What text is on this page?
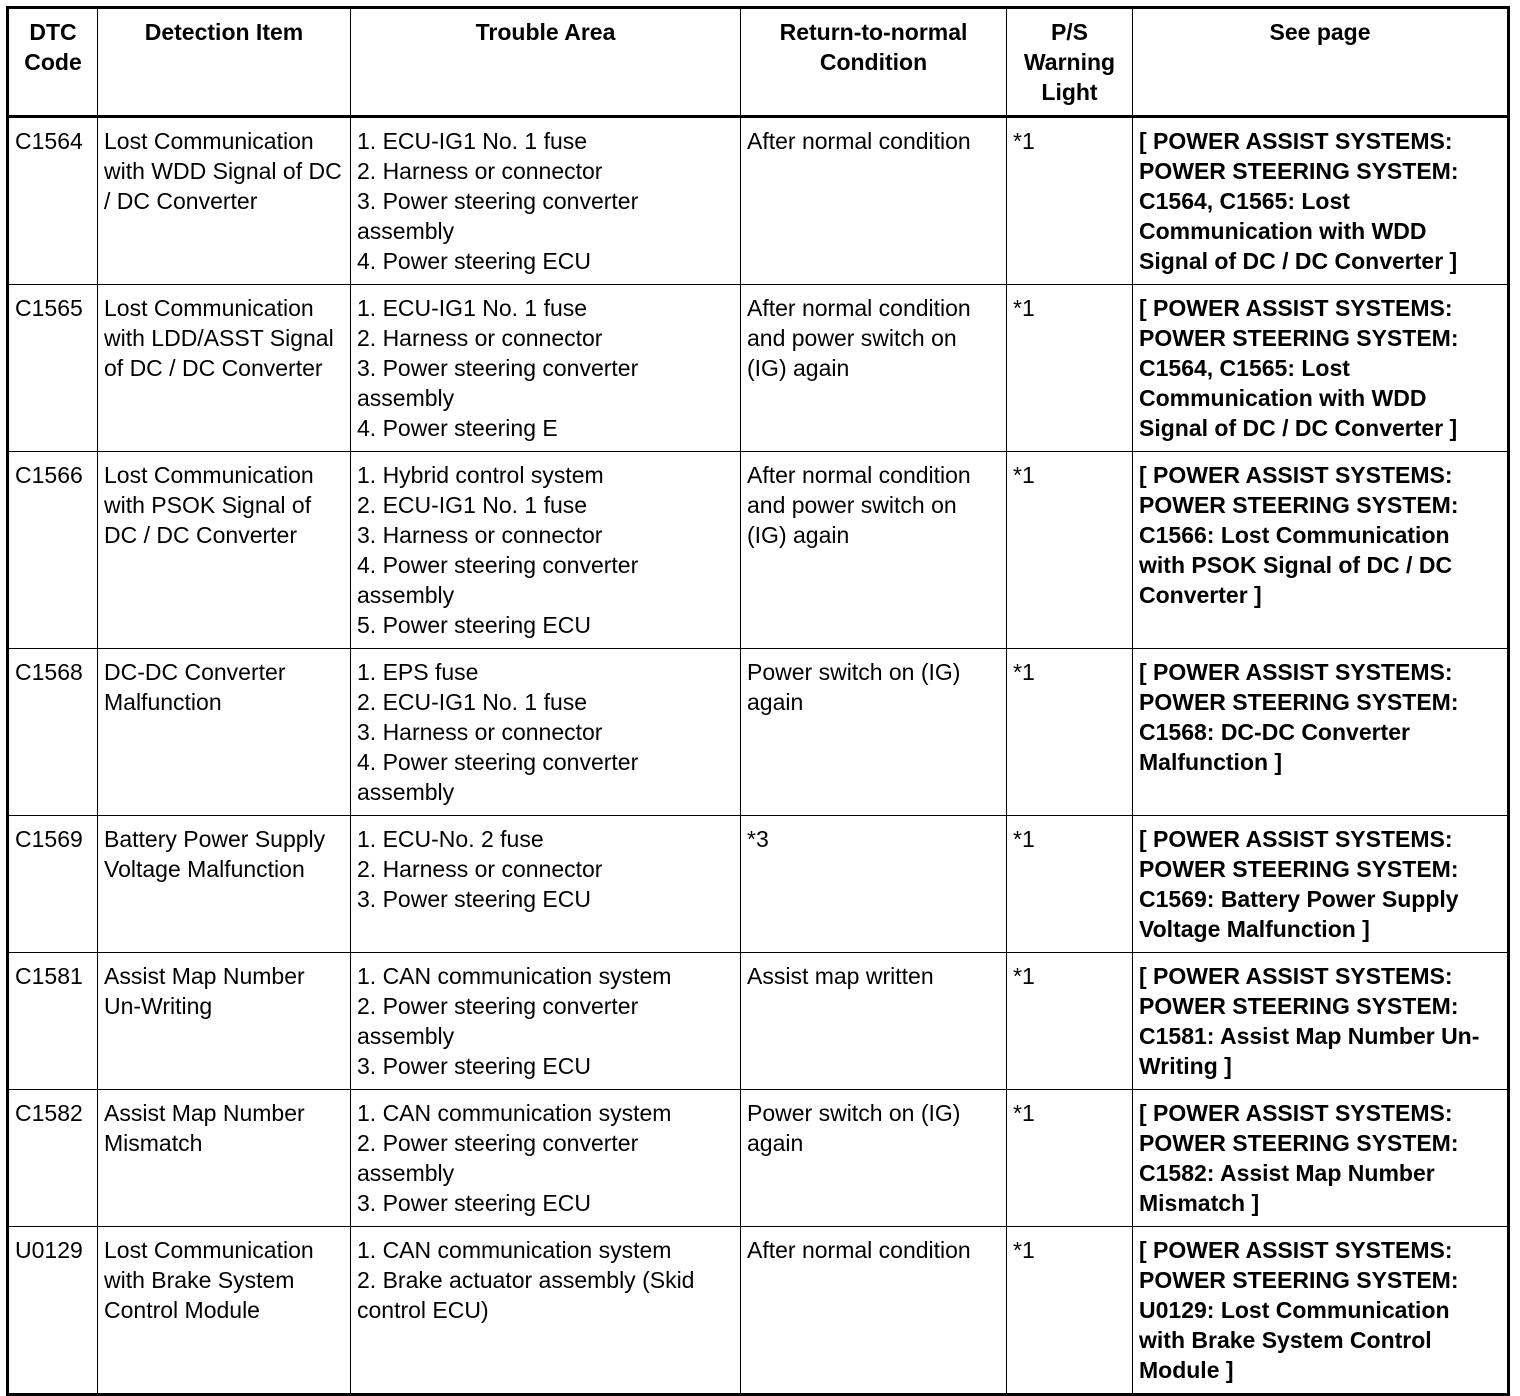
DTC Code	Detection Item	Trouble Area	Return-to-normal Condition	P/S Warning Light	See page
C1564	Lost Communication with WDD Signal of DC / DC Converter	1. ECU-IG1 No. 1 fuse
2. Harness or connector
3. Power steering converter assembly
4. Power steering ECU	After normal condition	*1	[ POWER ASSIST SYSTEMS: POWER STEERING SYSTEM: C1564, C1565: Lost Communication with WDD Signal of DC / DC Converter ]
C1565	Lost Communication with LDD/ASST Signal of DC / DC Converter	1. ECU-IG1 No. 1 fuse
2. Harness or connector
3. Power steering converter assembly
4. Power steering E	After normal condition and power switch on (IG) again	*1	[ POWER ASSIST SYSTEMS: POWER STEERING SYSTEM: C1564, C1565: Lost Communication with WDD Signal of DC / DC Converter ]
C1566	Lost Communication with PSOK Signal of DC / DC Converter	1. Hybrid control system
2. ECU-IG1 No. 1 fuse
3. Harness or connector
4. Power steering converter assembly
5. Power steering ECU	After normal condition and power switch on (IG) again	*1	[ POWER ASSIST SYSTEMS: POWER STEERING SYSTEM: C1566: Lost Communication with PSOK Signal of DC / DC Converter ]
C1568	DC-DC Converter Malfunction	1. EPS fuse
2. ECU-IG1 No. 1 fuse
3. Harness or connector
4. Power steering converter assembly	Power switch on (IG) again	*1	[ POWER ASSIST SYSTEMS: POWER STEERING SYSTEM: C1568: DC-DC Converter Malfunction ]
C1569	Battery Power Supply Voltage Malfunction	1. ECU-No. 2 fuse
2. Harness or connector
3. Power steering ECU	*3	*1	[ POWER ASSIST SYSTEMS: POWER STEERING SYSTEM: C1569: Battery Power Supply Voltage Malfunction ]
C1581	Assist Map Number Un-Writing	1. CAN communication system
2. Power steering converter assembly
3. Power steering ECU	Assist map written	*1	[ POWER ASSIST SYSTEMS: POWER STEERING SYSTEM: C1581: Assist Map Number Un-Writing ]
C1582	Assist Map Number Mismatch	1. CAN communication system
2. Power steering converter assembly
3. Power steering ECU	Power switch on (IG) again	*1	[ POWER ASSIST SYSTEMS: POWER STEERING SYSTEM: C1582: Assist Map Number Mismatch ]
U0129	Lost Communication with Brake System Control Module	1. CAN communication system
2. Brake actuator assembly (Skid control ECU)	After normal condition	*1	[ POWER ASSIST SYSTEMS: POWER STEERING SYSTEM: U0129: Lost Communication with Brake System Control Module ]
